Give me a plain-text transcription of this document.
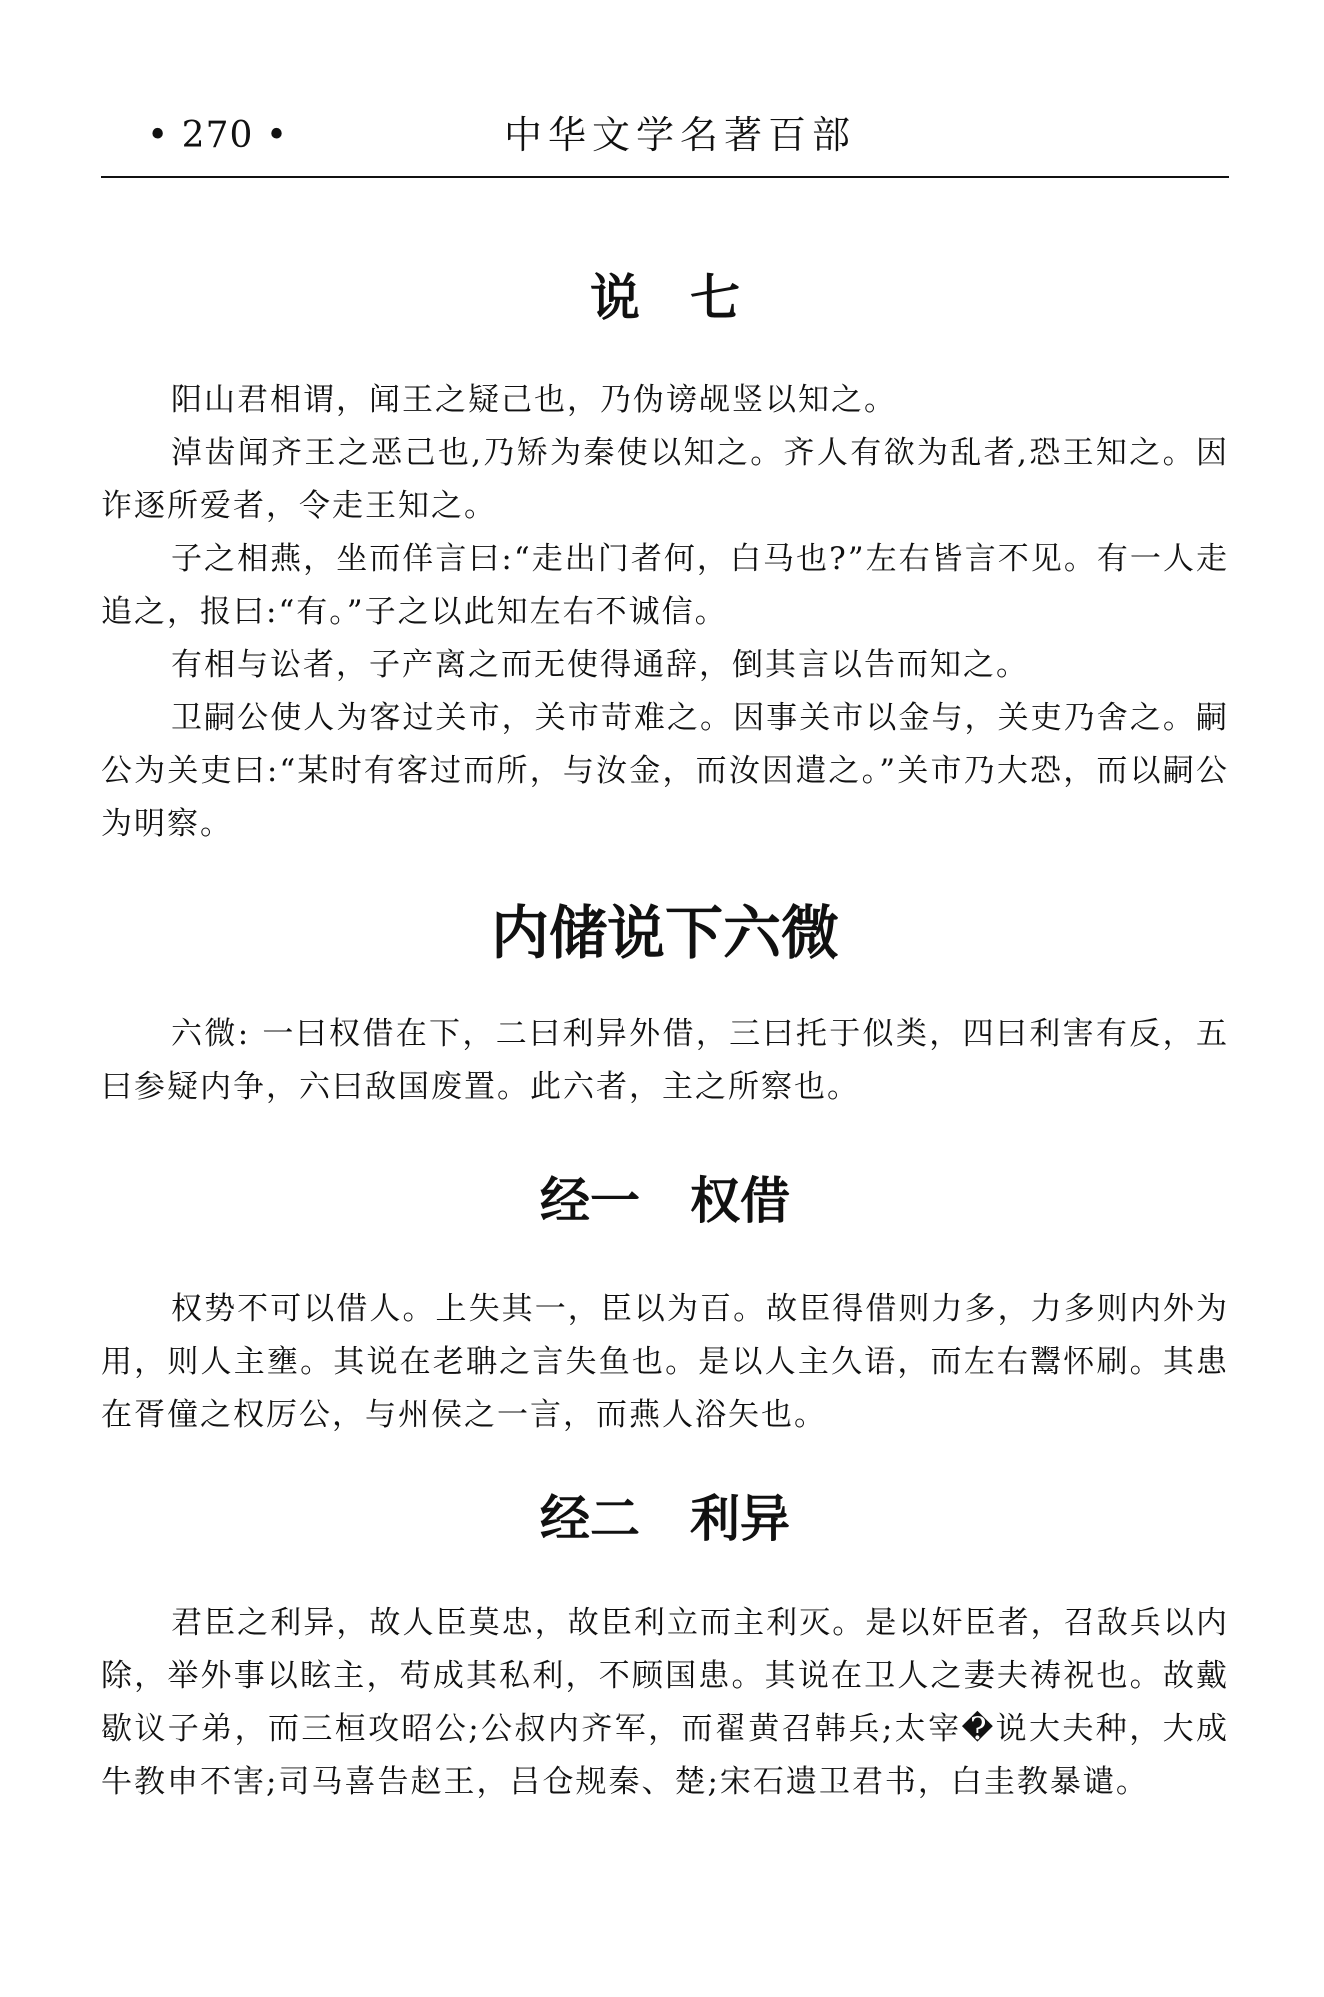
• 270 •	中华文学名著百部
说　七

阳山君相谓，闻王之疑己也，乃伪谤觇竖以知之。

淖齿闻齐王之恶己也,乃矫为秦使以知之。齐人有欲为乱者,恐王知之。因诈逐所爱者，令走王知之。

子之相燕，坐而佯言曰:“走出门者何，白马也?”左右皆言不见。有一人走追之，报曰:“有。”子之以此知左右不诚信。

有相与讼者，子产离之而无使得通辞，倒其言以告而知之。

卫嗣公使人为客过关市，关市苛难之。因事关市以金与，关吏乃舍之。嗣公为关吏曰:“某时有客过而所，与汝金，而汝因遣之。”关市乃大恐，而以嗣公为明察。

内储说下六微

六微: 一曰权借在下，二曰利异外借，三曰托于似类，四曰利害有反，五曰参疑内争，六曰敌国废置。此六者，主之所察也。

经一　权借

权势不可以借人。上失其一，臣以为百。故臣得借则力多，力多则内外为用，则人主壅。其说在老聃之言失鱼也。是以人主久语，而左右鬻怀刷。其患在胥僮之权厉公，与州侯之一言，而燕人浴矢也。

经二　利异

君臣之利异，故人臣莫忠，故臣利立而主利灭。是以奸臣者，召敌兵以内除，举外事以眩主，苟成其私利，不顾国患。其说在卫人之妻夫祷祝也。故戴歇议子弟，而三桓攻昭公;公叔内齐军，而翟黄召韩兵;太宰�说大夫种，大成牛教申不害;司马喜告赵王，吕仓规秦、楚;宋石遗卫君书，白圭教暴谴。
